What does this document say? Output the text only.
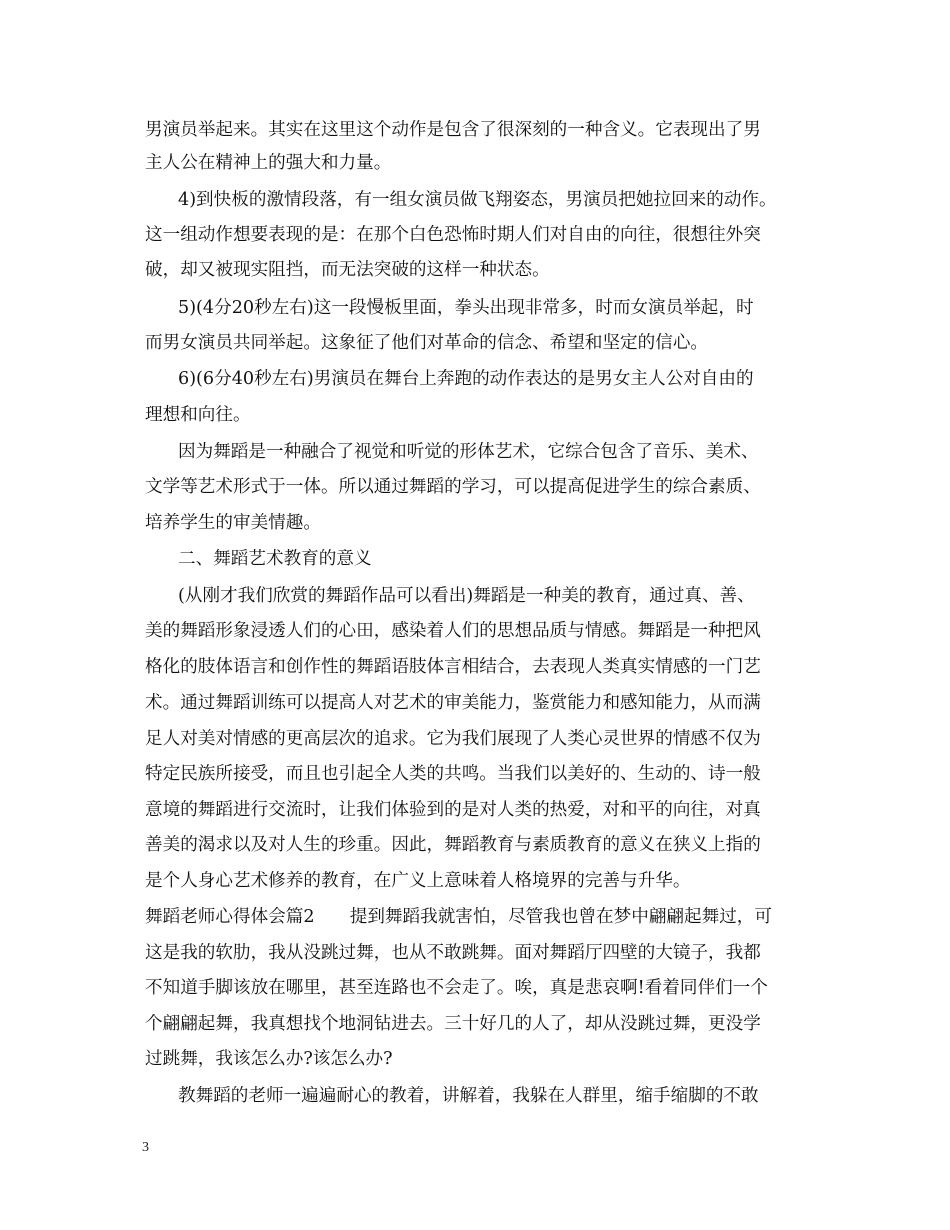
男演员举起来。其实在这里这个动作是包含了很深刻的一种含义。它表现出了男
主人公在精神上的强大和力量。
4)到快板的激情段落，有一组女演员做飞翔姿态，男演员把她拉回来的动作。
这一组动作想要表现的是：在那个白色恐怖时期人们对自由的向往，很想往外突
破，却又被现实阻挡，而无法突破的这样一种状态。
5)(4分20秒左右)这一段慢板里面，拳头出现非常多，时而女演员举起，时
而男女演员共同举起。这象征了他们对革命的信念、希望和坚定的信心。
6)(6分40秒左右)男演员在舞台上奔跑的动作表达的是男女主人公对自由的
理想和向往。
因为舞蹈是一种融合了视觉和听觉的形体艺术，它综合包含了音乐、美术、
文学等艺术形式于一体。所以通过舞蹈的学习，可以提高促进学生的综合素质、
培养学生的审美情趣。
二、舞蹈艺术教育的意义
(从刚才我们欣赏的舞蹈作品可以看出)舞蹈是一种美的教育，通过真、善、
美的舞蹈形象浸透人们的心田，感染着人们的思想品质与情感。舞蹈是一种把风
格化的肢体语言和创作性的舞蹈语肢体言相结合，去表现人类真实情感的一门艺
术。通过舞蹈训练可以提高人对艺术的审美能力，鉴赏能力和感知能力，从而满
足人对美对情感的更高层次的追求。它为我们展现了人类心灵世界的情感不仅为
特定民族所接受，而且也引起全人类的共鸣。当我们以美好的、生动的、诗一般
意境的舞蹈进行交流时，让我们体验到的是对人类的热爱，对和平的向往，对真
善美的渴求以及对人生的珍重。因此，舞蹈教育与素质教育的意义在狭义上指的
是个人身心艺术修养的教育，在广义上意味着人格境界的完善与升华。
舞蹈老师心得体会篇2　　提到舞蹈我就害怕，尽管我也曾在梦中翩翩起舞过，可
这是我的软肋，我从没跳过舞，也从不敢跳舞。面对舞蹈厅四壁的大镜子，我都
不知道手脚该放在哪里，甚至连路也不会走了。唉，真是悲哀啊!看着同伴们一个
个翩翩起舞，我真想找个地洞钻进去。三十好几的人了，却从没跳过舞，更没学
过跳舞，我该怎么办?该怎么办?
教舞蹈的老师一遍遍耐心的教着，讲解着，我躲在人群里，缩手缩脚的不敢
3
